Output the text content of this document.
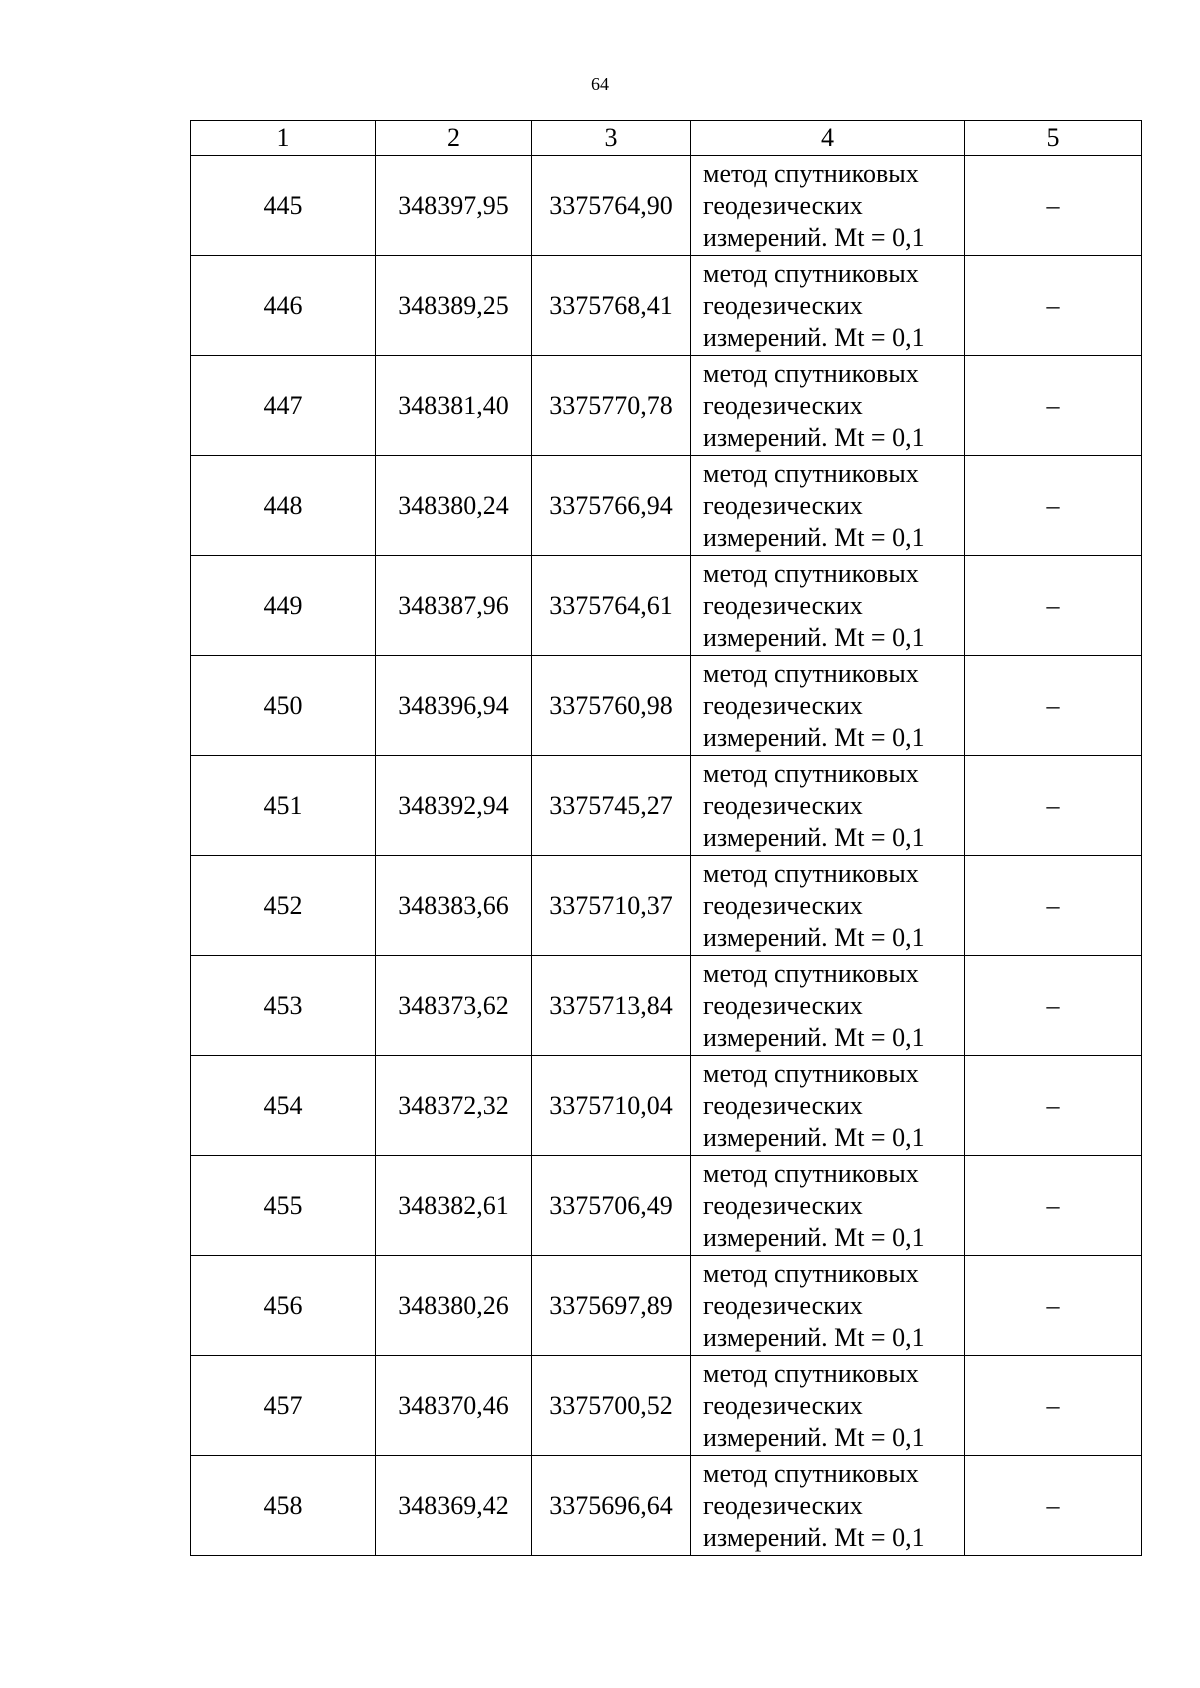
64
1	2	3	4	5
445	348397,95	3375764,90	метод спутниковых
геодезических
измерений. Mt = 0,1	–
446	348389,25	3375768,41	метод спутниковых
геодезических
измерений. Mt = 0,1	–
447	348381,40	3375770,78	метод спутниковых
геодезических
измерений. Mt = 0,1	–
448	348380,24	3375766,94	метод спутниковых
геодезических
измерений. Mt = 0,1	–
449	348387,96	3375764,61	метод спутниковых
геодезических
измерений. Mt = 0,1	–
450	348396,94	3375760,98	метод спутниковых
геодезических
измерений. Mt = 0,1	–
451	348392,94	3375745,27	метод спутниковых
геодезических
измерений. Mt = 0,1	–
452	348383,66	3375710,37	метод спутниковых
геодезических
измерений. Mt = 0,1	–
453	348373,62	3375713,84	метод спутниковых
геодезических
измерений. Mt = 0,1	–
454	348372,32	3375710,04	метод спутниковых
геодезических
измерений. Mt = 0,1	–
455	348382,61	3375706,49	метод спутниковых
геодезических
измерений. Mt = 0,1	–
456	348380,26	3375697,89	метод спутниковых
геодезических
измерений. Mt = 0,1	–
457	348370,46	3375700,52	метод спутниковых
геодезических
измерений. Mt = 0,1	–
458	348369,42	3375696,64	метод спутниковых
геодезических
измерений. Mt = 0,1	–
